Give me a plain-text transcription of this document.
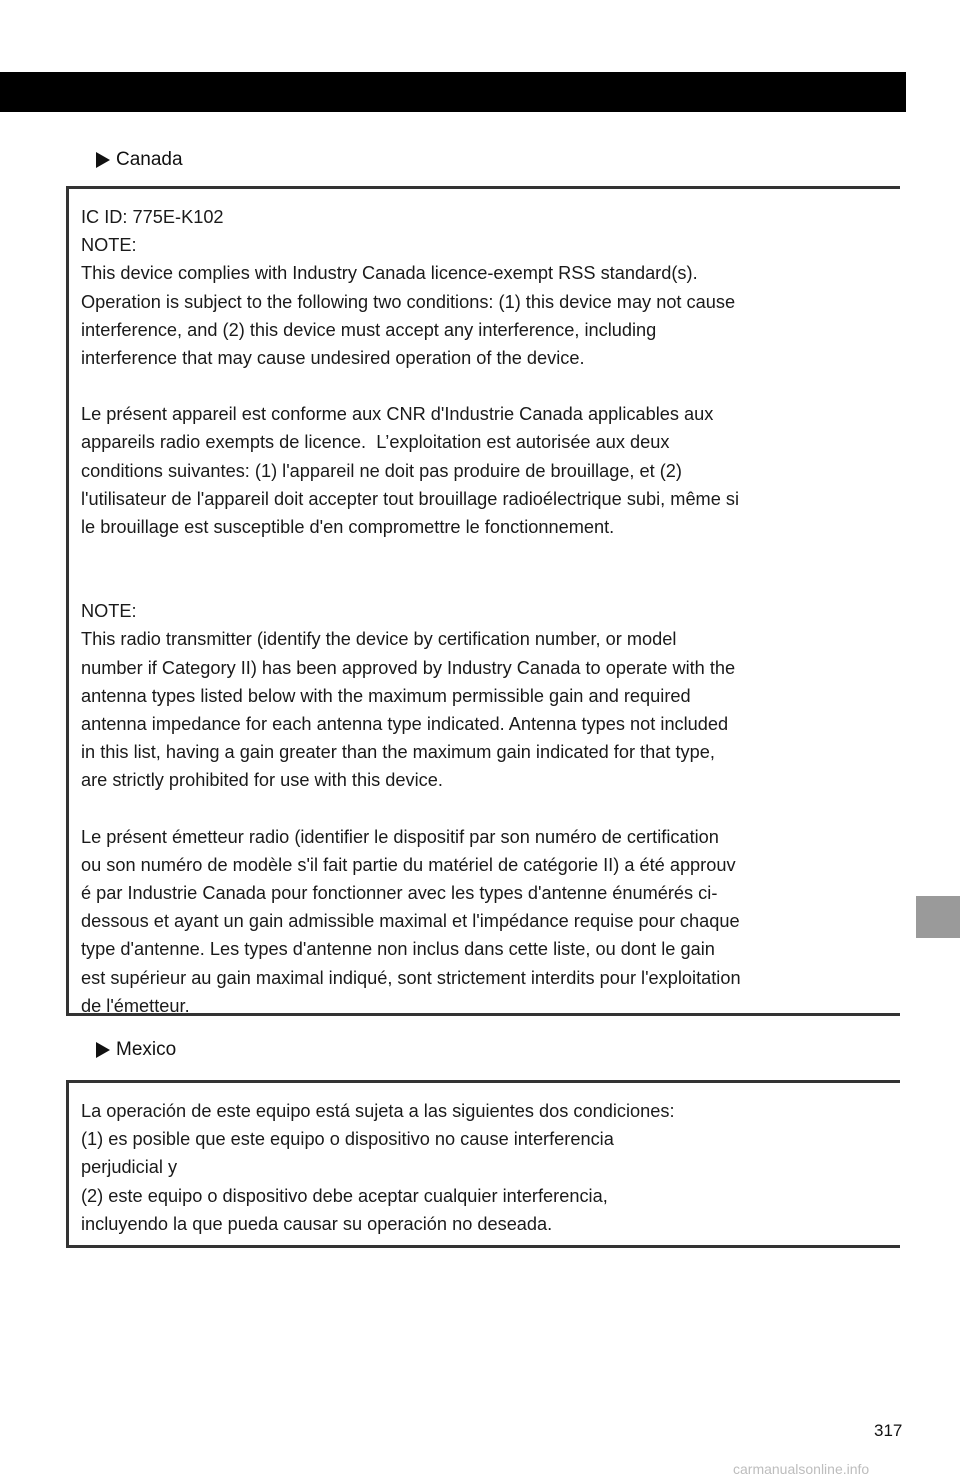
Canada
IC ID: 775E-K102
NOTE:
This device complies with Industry Canada licence-exempt RSS standard(s).
Operation is subject to the following two conditions: (1) this device may not cause
interference, and (2) this device must accept any interference, including
interference that may cause undesired operation of the device.
Le présent appareil est conforme aux CNR d'Industrie Canada applicables aux
appareils radio exempts de licence.  L’exploitation est autorisée aux deux
conditions suivantes: (1) l'appareil ne doit pas produire de brouillage, et (2)
l'utilisateur de l'appareil doit accepter tout brouillage radioélectrique subi, même si
le brouillage est susceptible d'en compromettre le fonctionnement.
NOTE:
This radio transmitter (identify the device by certification number, or model
number if Category II) has been approved by Industry Canada to operate with the
antenna types listed below with the maximum permissible gain and required
antenna impedance for each antenna type indicated. Antenna types not included
in this list, having a gain greater than the maximum gain indicated for that type,
are strictly prohibited for use with this device.
Le présent émetteur radio (identifier le dispositif par son numéro de certification
ou son numéro de modèle s'il fait partie du matériel de catégorie II) a été approuv
é par Industrie Canada pour fonctionner avec les types d'antenne énumérés ci-
dessous et ayant un gain admissible maximal et l'impédance requise pour chaque
type d'antenne. Les types d'antenne non inclus dans cette liste, ou dont le gain
est supérieur au gain maximal indiqué, sont strictement interdits pour l'exploitation
de l'émetteur.
Mexico
La operación de este equipo está sujeta a las siguientes dos condiciones:
(1) es posible que este equipo o dispositivo no cause interferencia
perjudicial y
(2) este equipo o dispositivo debe aceptar cualquier interferencia,
incluyendo la que pueda causar su operación no deseada.
317
carmanualsonline.info
